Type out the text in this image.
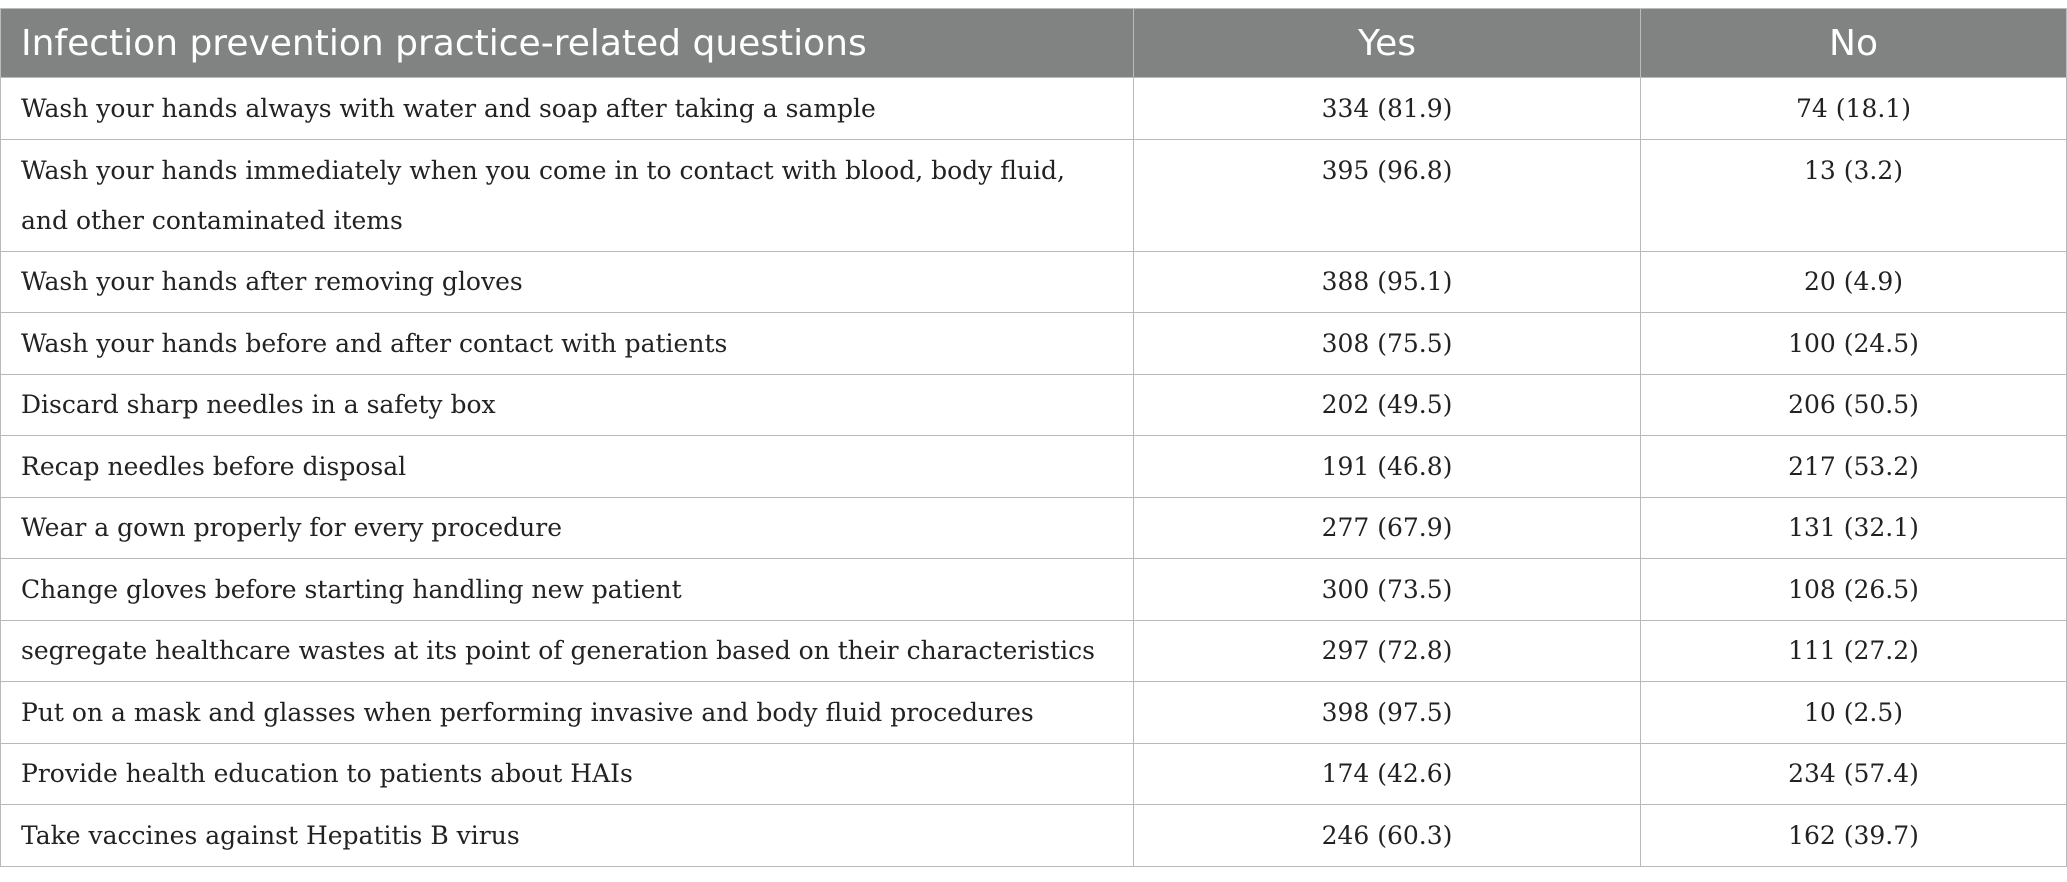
Infection prevention practice-related questions	Yes	No
Wash your hands always with water and soap after taking a sample	334 (81.9)	74 (18.1)
Wash your hands immediately when you come in to contact with blood, body fluid, and other contaminated items	395 (96.8)	13 (3.2)
Wash your hands after removing gloves	388 (95.1)	20 (4.9)
Wash your hands before and after contact with patients	308 (75.5)	100 (24.5)
Discard sharp needles in a safety box	202 (49.5)	206 (50.5)
Recap needles before disposal	191 (46.8)	217 (53.2)
Wear a gown properly for every procedure	277 (67.9)	131 (32.1)
Change gloves before starting handling new patient	300 (73.5)	108 (26.5)
segregate healthcare wastes at its point of generation based on their characteristics	297 (72.8)	111 (27.2)
Put on a mask and glasses when performing invasive and body fluid procedures	398 (97.5)	10 (2.5)
Provide health education to patients about HAIs	174 (42.6)	234 (57.4)
Take vaccines against Hepatitis B virus	246 (60.3)	162 (39.7)
